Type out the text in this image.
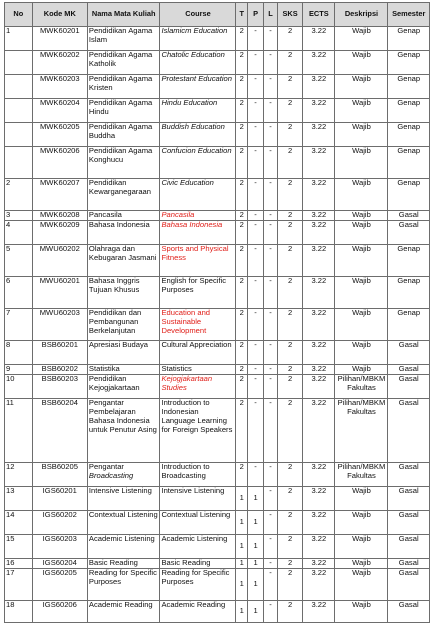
No	Kode MK	Nama Mata Kuliah	Course	T	P	L	SKS	ECTS	Deskripsi	Semester
1	MWK60201	Pendidikan Agama Islam	Islamicm Education	2	-	-	2	3.22	Wajib	Genap
	MWK60202	Pendidikan Agama Katholik	Chatolic Education	2	-	-	2	3.22	Wajib	Genap
	MWK60203	Pendidikan Agama Kristen	Protestant Education	2	-	-	2	3.22	Wajib	Genap
	MWK60204	Pendidikan Agama Hindu	Hindu Education	2	-	-	2	3.22	Wajib	Genap
	MWK60205	Pendidikan Agama Buddha	Buddish Education	2	-	-	2	3.22	Wajib	Genap
	MWK60206	Pendidikan Agama Konghucu	Confucion Education	2	-	-	2	3.22	Wajib	Genap
2	MWK60207	Pendidikan Kewarganegaraan	Civic Education	2	-	-	2	3.22	Wajib	Genap
3	MWK60208	Pancasila	Pancasila	2	-	-	2	3.22	Wajib	Gasal
4	MWK60209	Bahasa Indonesia	Bahasa Indonesia	2	-	-	2	3.22	Wajib	Gasal
5	MWU60202	Olahraga dan Kebugaran Jasmani	Sports and Physical Fitness	2	-	-	2	3.22	Wajib	Genap
6	MWU60201	Bahasa Inggris Tujuan Khusus	English for Specific Purposes	2	-	-	2	3.22	Wajib	Genap
7	MWU60203	Pendidikan dan Pembangunan Berkelanjutan	Education and Sustainable Development	2	-	-	2	3.22	Wajib	Genap
8	BSB60201	Apresiasi Budaya	Cultural Appreciation	2	-	-	2	3.22	Wajib	Gasal
9	BSB60202	Statistika	Statistics	2	-	-	2	3.22	Wajib	Gasal
10	BSB60203	Pendidikan Kejogjakartaan	Kejogjakartaan Studies	2	-	-	2	3.22	Pilihan/MBKM Fakultas	Gasal
11	BSB60204	Pengantar Pembelajaran Bahasa Indonesia untuk Penutur Asing	Introduction to Indonesian Language Learning for Foreign Speakers	2	-	-	2	3.22	Pilihan/MBKM Fakultas	Gasal
12	BSB60205	Pengantar Broadcasting	Introduction to Broadcasting	2	-	-	2	3.22	Pilihan/MBKM Fakultas	Gasal
13	IGS60201	Intensive Listening	Intensive Listening	1	1	-	2	3.22	Wajib	Gasal
14	IGS60202	Contextual Listening	Contextual Listening	1	1	-	2	3.22	Wajib	Gasal
15	IGS60203	Academic Listening	Academic Listening	1	1	-	2	3.22	Wajib	Gasal
16	IGS60204	Basic Reading	Basic Reading	1	1	-	2	3.22	Wajib	Gasal
17	IGS60205	Reading for Specific Purposes	Reading for Specific Purposes	1	1	-	2	3.22	Wajib	Gasal
18	IGS60206	Academic Reading	Academic Reading	1	1	-	2	3.22	Wajib	Gasal
